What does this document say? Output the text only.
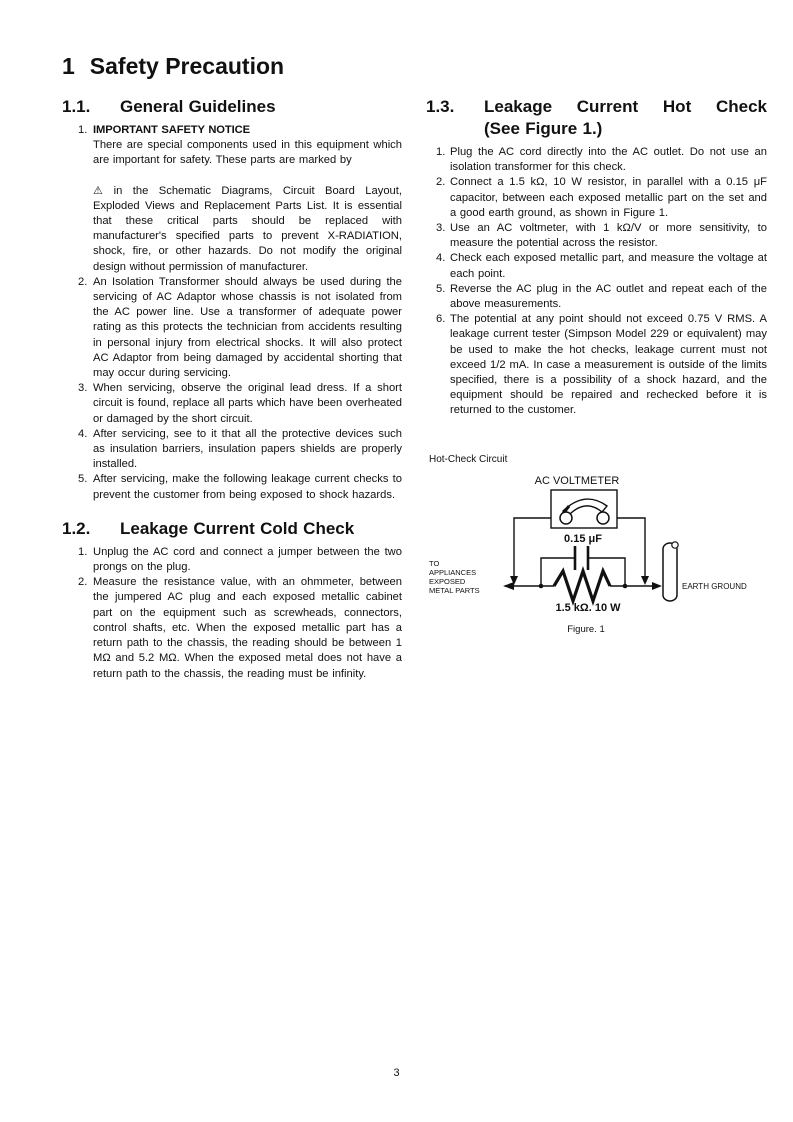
1 Safety Precaution
1.1.	General Guidelines
1. IMPORTANT SAFETY NOTICE
There are special components used in this equipment which are important for safety. These parts are marked by
⚠ in the Schematic Diagrams, Circuit Board Layout, Exploded Views and Replacement Parts List. It is essential that these critical parts should be replaced with manufacturer's specified parts to prevent X-RADIATION, shock, fire, or other hazards. Do not modify the original design without permission of manufacturer.
2. An Isolation Transformer should always be used during the servicing of AC Adaptor whose chassis is not isolated from the AC power line. Use a transformer of adequate power rating as this protects the technician from accidents resulting in personal injury from electrical shocks. It will also protect AC Adaptor from being damaged by accidental shorting that may occur during servicing.
3. When servicing, observe the original lead dress. If a short circuit is found, replace all parts which have been overheated or damaged by the short circuit.
4. After servicing, see to it that all the protective devices such as insulation barriers, insulation papers shields are properly installed.
5. After servicing, make the following leakage current checks to prevent the customer from being exposed to shock hazards.
1.2.	Leakage Current Cold Check
1. Unplug the AC cord and connect a jumper between the two prongs on the plug.
2. Measure the resistance value, with an ohmmeter, between the jumpered AC plug and each exposed metallic cabinet part on the equipment such as screwheads, connectors, control shafts, etc. When the exposed metallic part has a return path to the chassis, the reading should be between 1 MΩ and 5.2 MΩ. When the exposed metal does not have a return path to the chassis, the reading must be infinity.
1.3.	Leakage Current Hot Check
(See Figure 1.)
1. Plug the AC cord directly into the AC outlet. Do not use an isolation transformer for this check.
2. Connect a 1.5 kΩ, 10 W resistor, in parallel with a 0.15 μF capacitor, between each exposed metallic part on the set and a good earth ground, as shown in Figure 1.
3. Use an AC voltmeter, with 1 kΩ/V or more sensitivity, to measure the potential across the resistor.
4. Check each exposed metallic part, and measure the voltage at each point.
5. Reverse the AC plug in the AC outlet and repeat each of the above measurements.
6. The potential at any point should not exceed 0.75 V RMS. A leakage current tester (Simpson Model 229 or equivalent) may be used to make the hot checks, leakage current must not exceed 1/2 mA. In case a measurement is outside of the limits specified, there is a possibility of a shock hazard, and the equipment should be repaired and rechecked before it is returned to the customer.
Hot-Check Circuit
AC VOLTMETER
0.15 μF
1.5 kΩ. 10 W
TO
APPLIANCES
EXPOSED
METAL PARTS	EARTH GROUND
Figure. 1
3
